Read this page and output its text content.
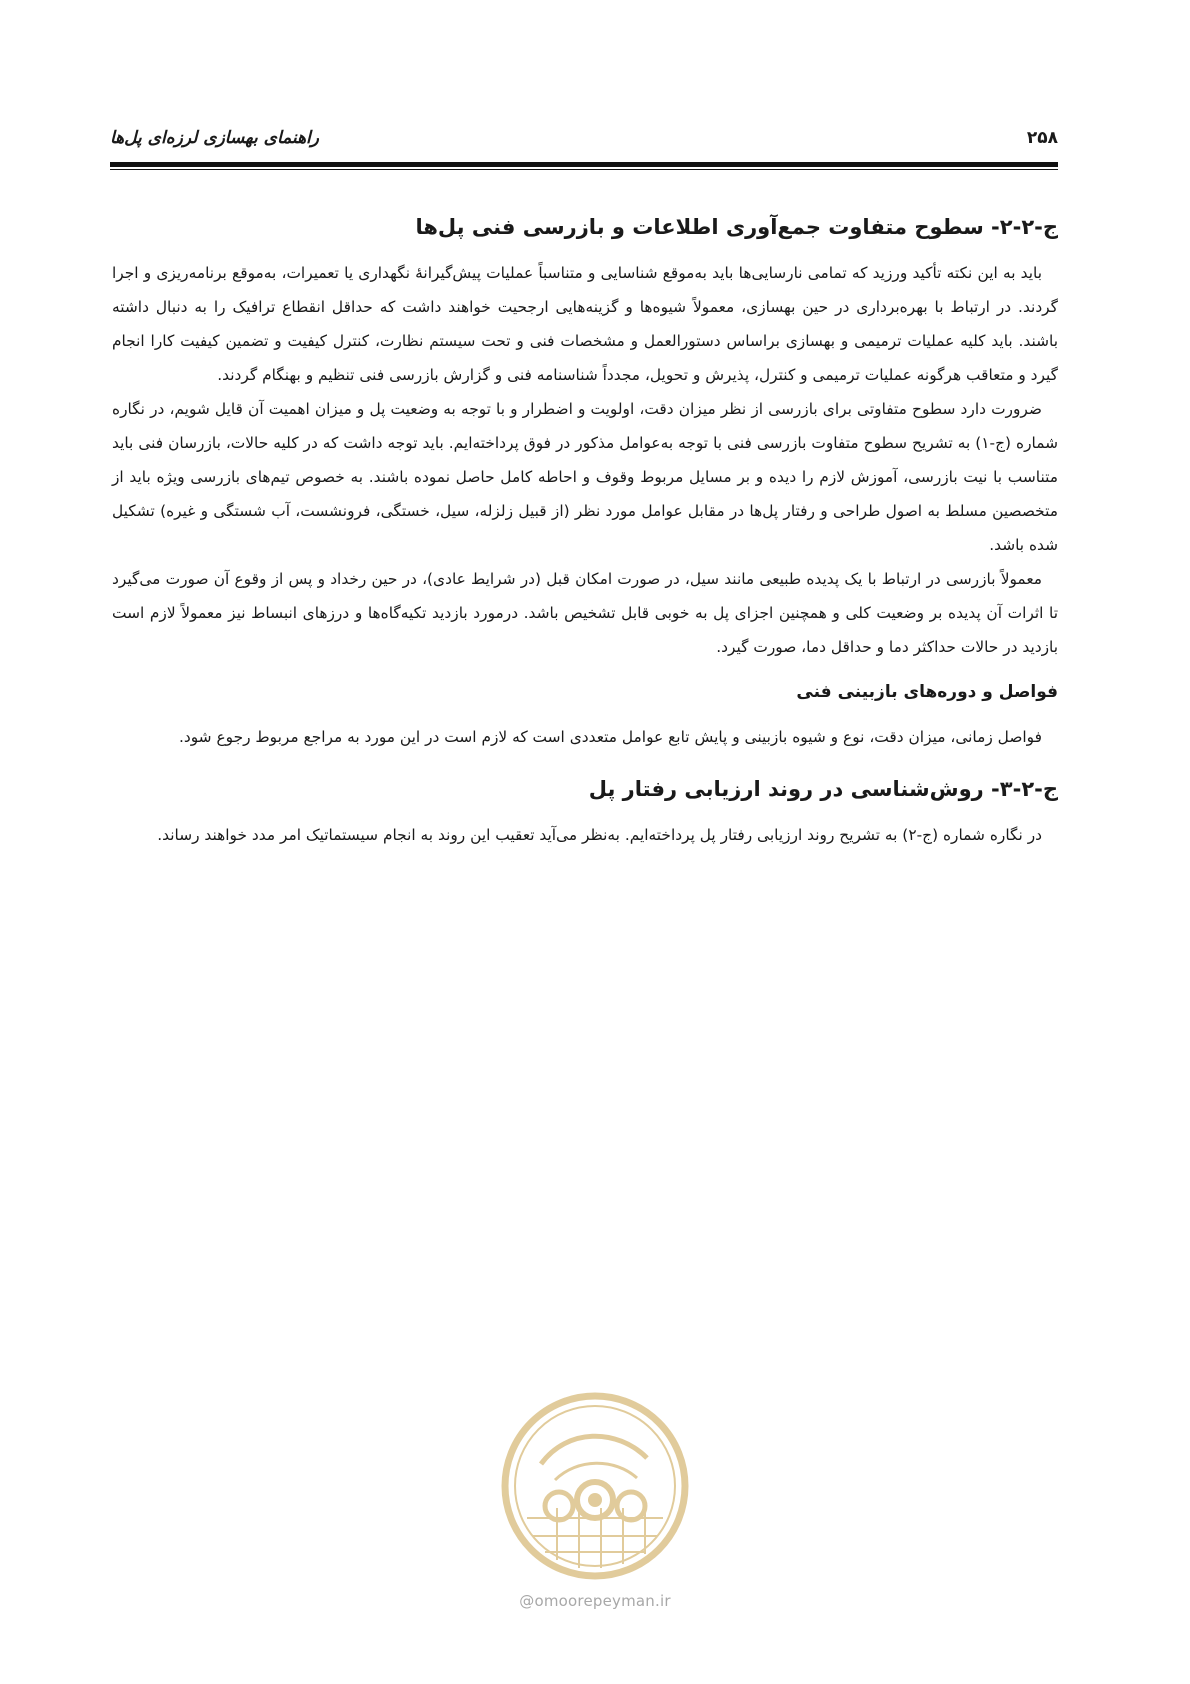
۲۵۸
راهنمای بهسازی لرزه‌ای پل‌ها
ج-۲-۲- سطوح متفاوت جمع‌آوری اطلاعات و بازرسی فنی پل‌ها

باید به این نکته تأکید ورزید که تمامی نارسایی‌ها باید به‌موقع شناسایی و متناسباً عملیات پیش‌گیرانهٔ نگهداری یا تعمیرات، به‌موقع برنامه‌ریزی و اجرا گردند. در ارتباط با بهره‌برداری در حین بهسازی، معمولاً شیوه‌ها و گزینه‌هایی ارجحیت خواهند داشت که حداقل انقطاع ترافیک را به دنبال داشته باشند. باید کلیه عملیات ترمیمی و بهسازی براساس دستورالعمل و مشخصات فنی و تحت سیستم نظارت، کنترل کیفیت و تضمین کیفیت کارا انجام گیرد و متعاقب هرگونه عملیات ترمیمی و کنترل، پذیرش و تحویل، مجدداً شناسنامه فنی و گزارش بازرسی فنی تنظیم و بهنگام گردند.

ضرورت دارد سطوح متفاوتی برای بازرسی از نظر میزان دقت، اولویت و اضطرار و با توجه به وضعیت پل و میزان اهمیت آن قایل شویم، در نگاره شماره (ج-۱) به تشریح سطوح متفاوت بازرسی فنی با توجه به‌عوامل مذکور در فوق پرداخته‌ایم. باید توجه داشت که در کلیه حالات، بازرسان فنی باید متناسب با نیت بازرسی، آموزش لازم را دیده و بر مسایل مربوط وقوف و احاطه کامل حاصل نموده باشند. به خصوص تیم‌های بازرسی ویژه باید از متخصصین مسلط به اصول طراحی و رفتار پل‌ها در مقابل عوامل مورد نظر (از قبیل زلزله، سیل، خستگی، فرونشست، آب شستگی و غیره) تشکیل شده باشد.

معمولاً بازرسی در ارتباط با یک پدیده طبیعی مانند سیل، در صورت امکان قبل (در شرایط عادی)، در حین رخداد و پس از وقوع آن صورت می‌گیرد تا اثرات آن پدیده بر وضعیت کلی و همچنین اجزای پل به خوبی قابل تشخیص باشد. درمورد بازدید تکیه‌گاه‌ها و درزهای انبساط نیز معمولاً لازم است بازدید در حالات حداکثر دما و حداقل دما، صورت گیرد.

فواصل و دوره‌های بازبینی فنی

فواصل زمانی، میزان دقت، نوع و شیوه بازبینی و پایش تابع عوامل متعددی است که لازم است در این مورد به مراجع مربوط رجوع شود.

ج-۲-۳- روش‌شناسی در روند ارزیابی رفتار پل

در نگاره شماره (ج-۲) به تشریح روند ارزیابی رفتار پل پرداخته‌ایم. به‌نظر می‌آید تعقیب این روند به انجام سیستماتیک امر مدد خواهند رساند.

@omoorepeyman.ir
